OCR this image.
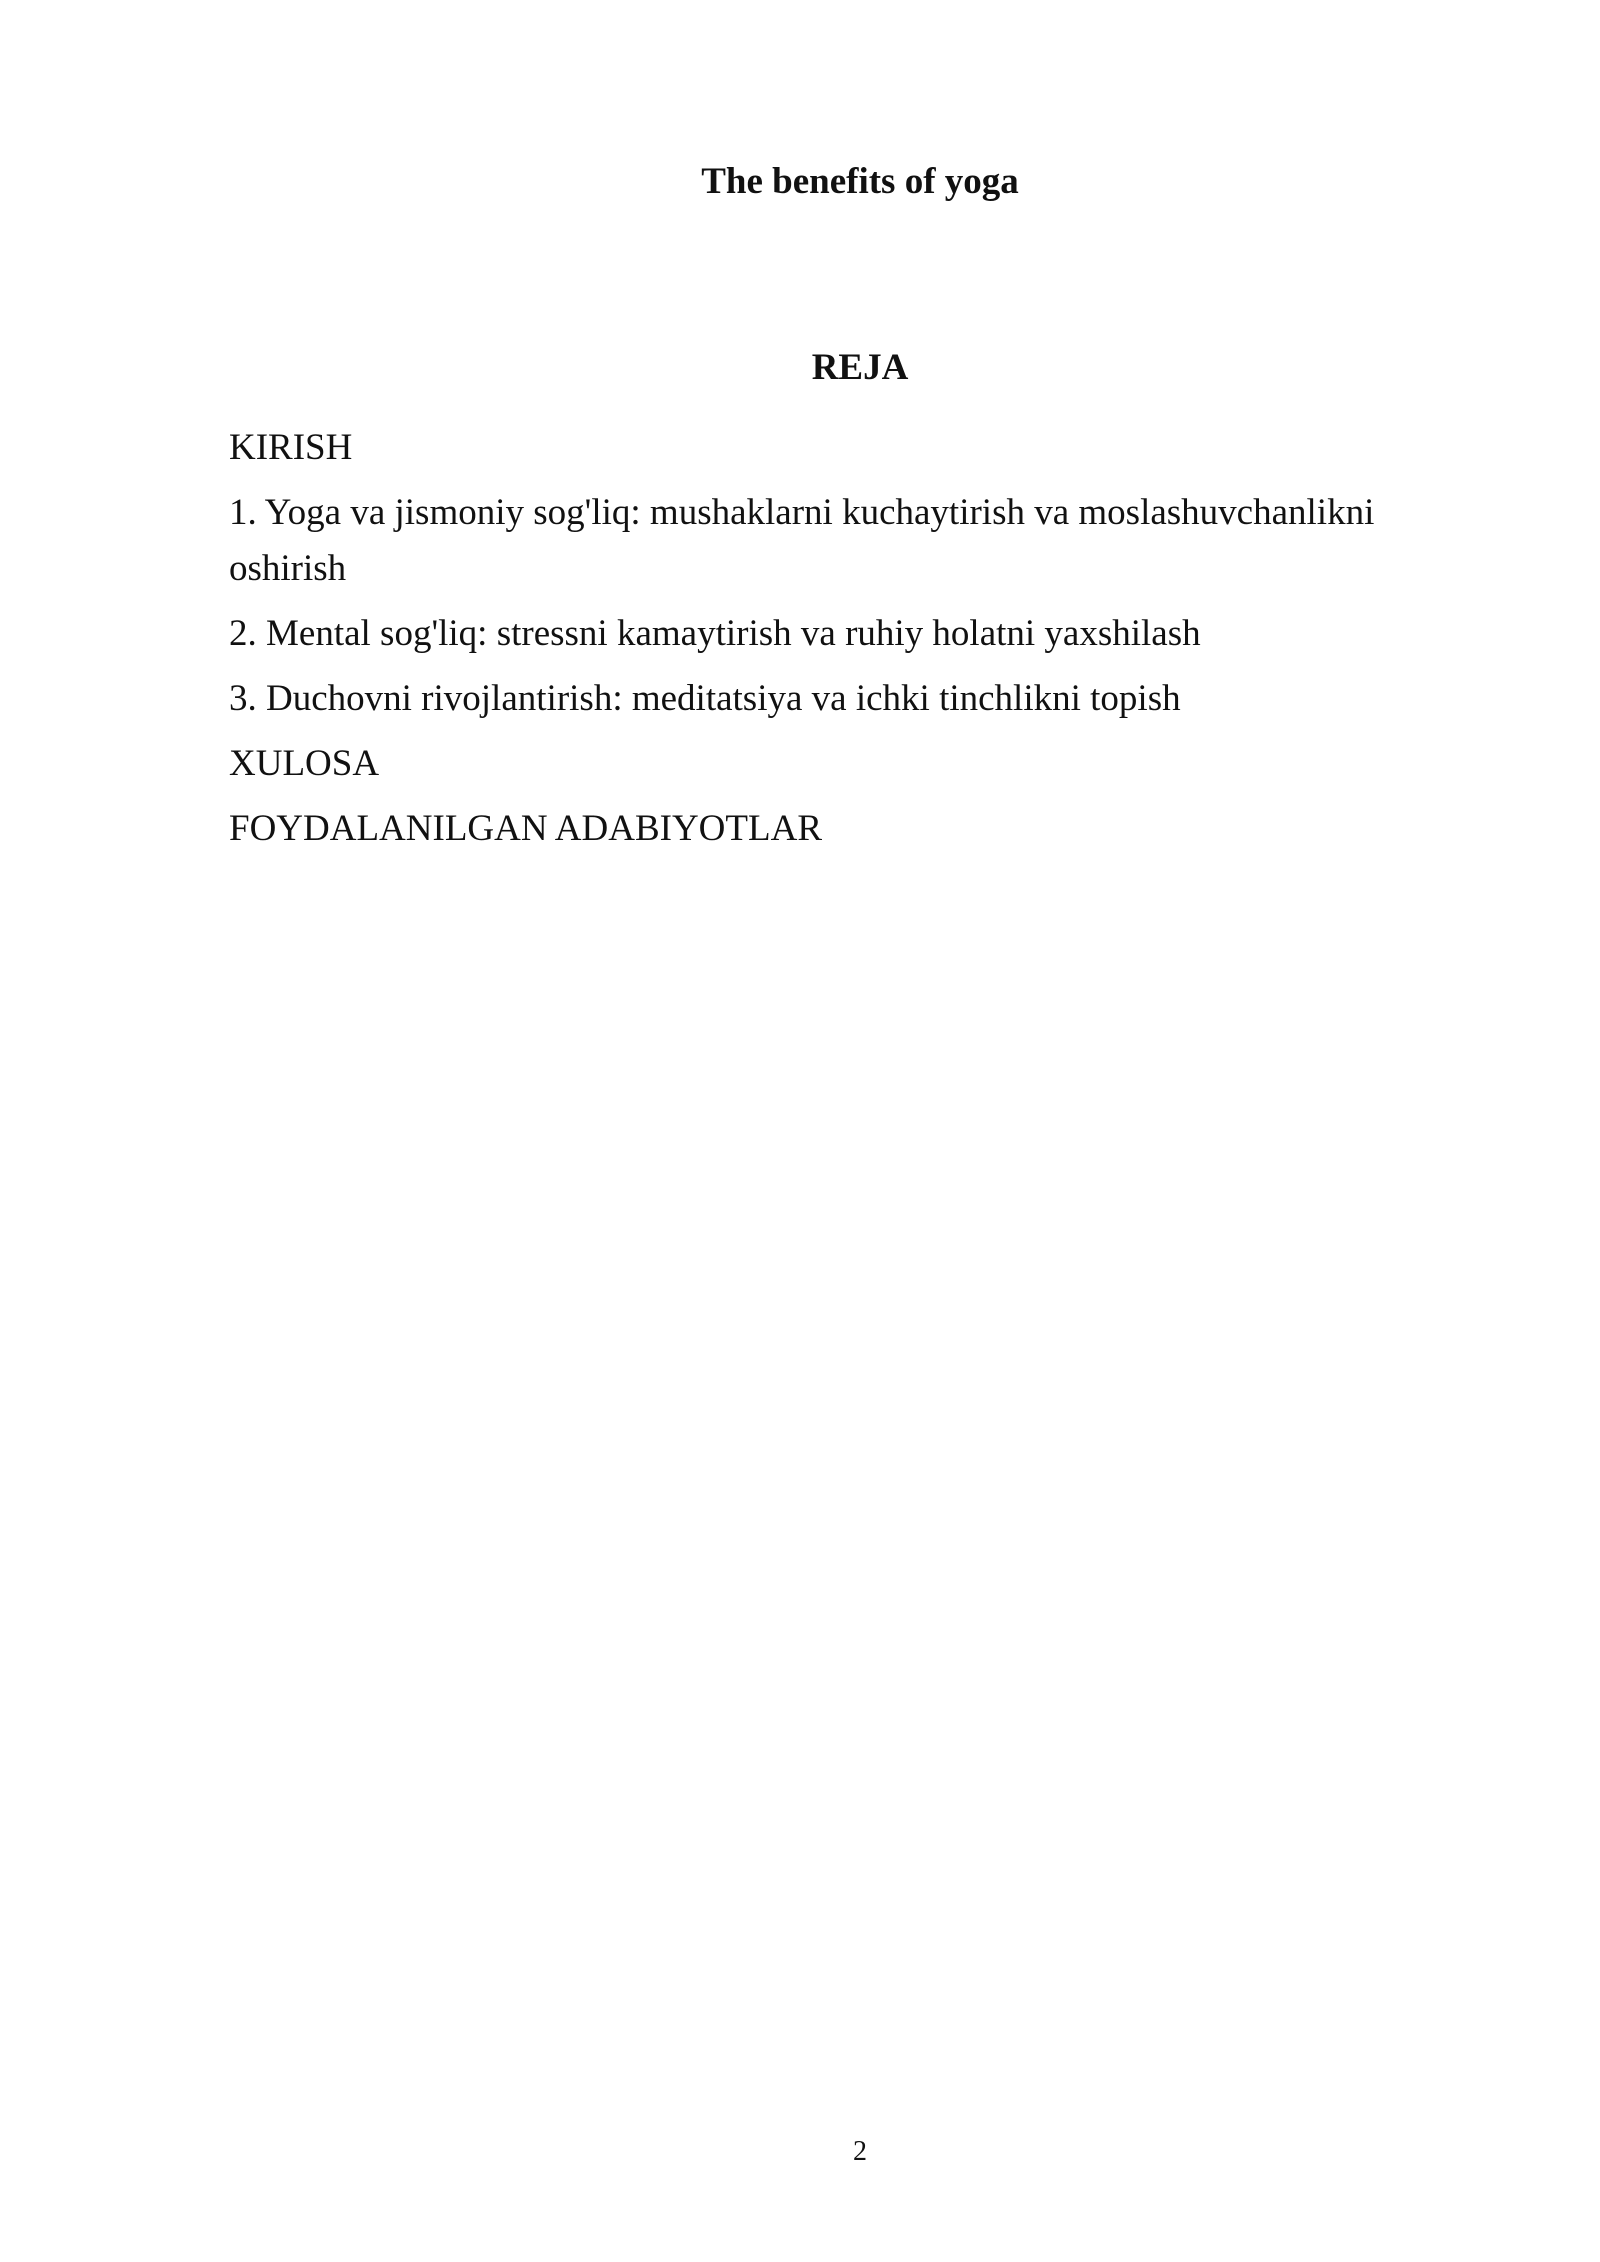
The benefits of yoga
REJA
KIRISH
1. Yoga va jismoniy sog'liq: mushaklarni kuchaytirish va moslashuvchanlikni oshirish
2. Mental sog'liq: stressni kamaytirish va ruhiy holatni yaxshilash
3. Duchovni rivojlantirish: meditatsiya va ichki tinchlikni topish
XULOSA
FOYDALANILGAN ADABIYOTLAR
2
